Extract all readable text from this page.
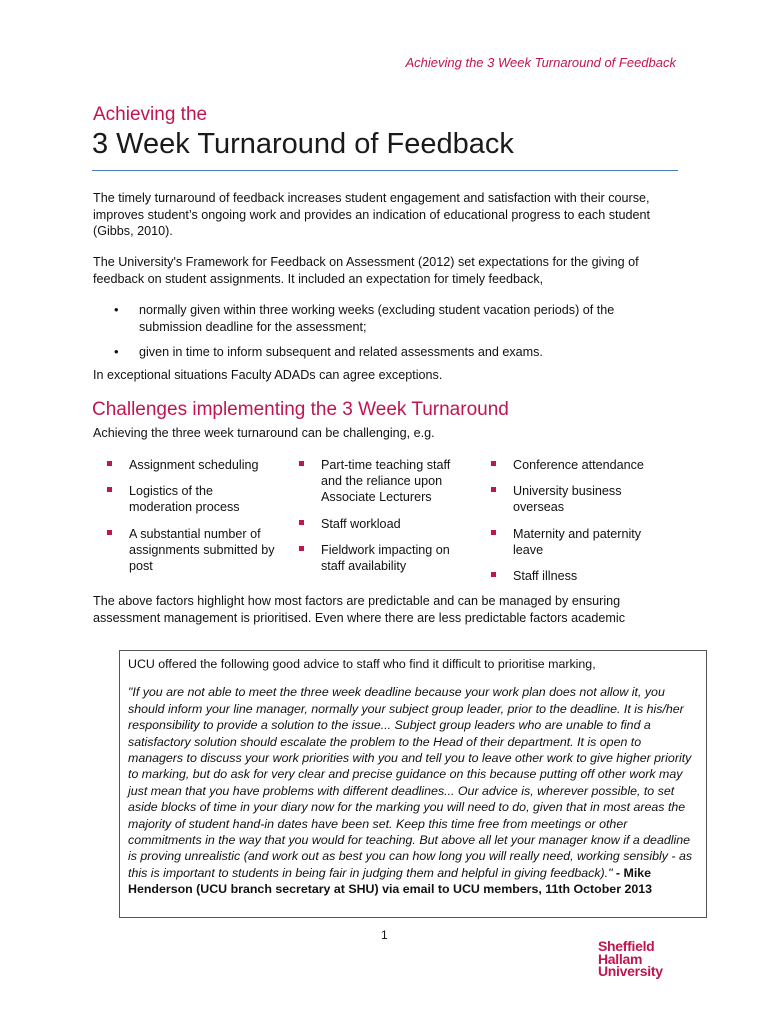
Achieving the 3 Week Turnaround of Feedback
Achieving the
3 Week Turnaround of Feedback

The timely turnaround of feedback increases student engagement and satisfaction with their course, improves student’s ongoing work and provides an indication of educational progress to each student (Gibbs, 2010).

The University's Framework for Feedback on Assessment (2012) set expectations for the giving of feedback on student assignments. It included an expectation for timely feedback,

• normally given within three working weeks (excluding student vacation periods) of the submission deadline for the assessment;
• given in time to inform subsequent and related assessments and exams.

In exceptional situations Faculty ADADs can agree exceptions.

Challenges implementing the 3 Week Turnaround

Achieving the three week turnaround can be challenging, e.g.

Assignment scheduling
Logistics of the moderation process
A substantial number of assignments submitted by post
Part-time teaching staff and the reliance upon Associate Lecturers
Staff workload
Fieldwork impacting on staff availability
Conference attendance
University business overseas
Maternity and paternity leave
Staff illness

The above factors highlight how most factors are predictable and can be managed by ensuring assessment management is prioritised. Even where there are less predictable factors academic

UCU offered the following good advice to staff who find it difficult to prioritise marking,

"If you are not able to meet the three week deadline because your work plan does not allow it, you should inform your line manager, normally your subject group leader, prior to the deadline. It is his/her responsibility to provide a solution to the issue... Subject group leaders who are unable to find a satisfactory solution should escalate the problem to the Head of their department. It is open to managers to discuss your work priorities with you and tell you to leave other work to give higher priority to marking, but do ask for very clear and precise guidance on this because putting off other work may just mean that you have problems with different deadlines... Our advice is, wherever possible, to set aside blocks of time in your diary now for the marking you will need to do, given that in most areas the majority of student hand-in dates have been set. Keep this time free from meetings or other commitments in the way that you would for teaching. But above all let your manager know if a deadline is proving unrealistic (and work out as best you can how long you will really need, working sensibly - as this is important to students in being fair in judging them and helpful in giving feedback)." - Mike Henderson (UCU branch secretary at SHU) via email to UCU members, 11th October 2013

1
Sheffield
Hallam
University
